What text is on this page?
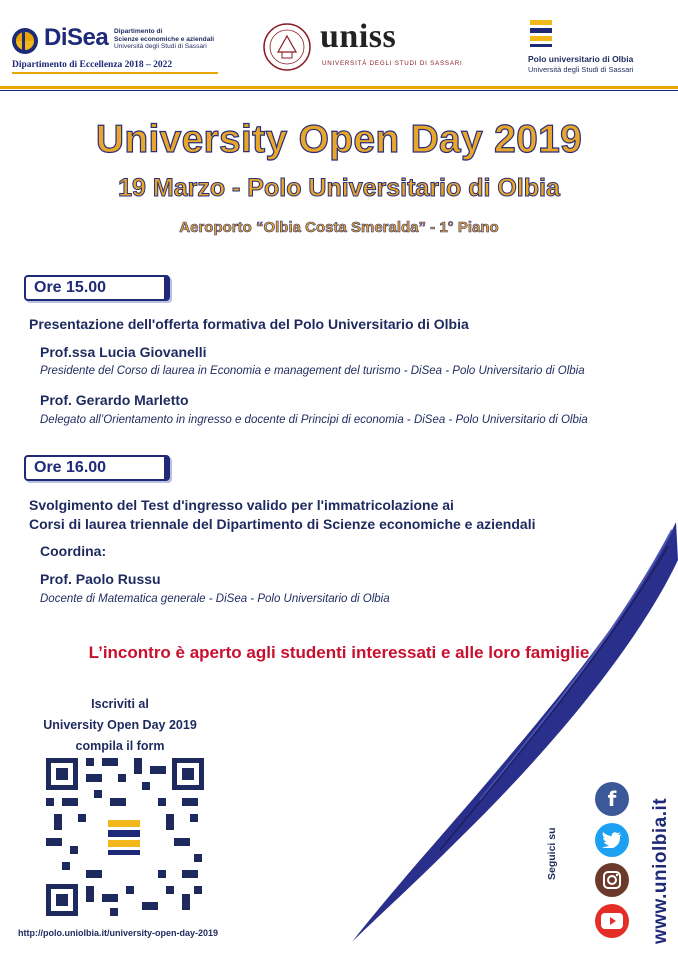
DiSea Dipartimento di
Scienze economiche e aziendali
Università degli Studi di Sassari
Dipartimento di Eccellenza 2018 – 2022
uniss
UNIVERSITÀ DEGLI STUDI DI SASSARI	Polo universitario di Olbia
Università degli Studi di Sassari
University Open Day 2019
19 Marzo - Polo Universitario di Olbia
Aeroporto “Olbia Costa Smeralda” - 1° Piano
Ore 15.00
Presentazione dell'offerta formativa del Polo Universitario di Olbia
Prof.ssa Lucia Giovanelli
Presidente del Corso di laurea in Economia e management del turismo - DiSea - Polo Universitario di Olbia
Prof. Gerardo Marletto
Delegato all’Orientamento in ingresso e docente di Principi di economia - DiSea - Polo Universitario di Olbia
Ore 16.00
Svolgimento del Test d'ingresso valido per l'immatricolazione ai
Corsi di laurea triennale del Dipartimento di Scienze economiche e aziendali
Coordina:
Prof. Paolo Russu
Docente di Matematica generale - DiSea - Polo Universitario di Olbia
L’incontro è aperto agli studenti interessati e alle loro famiglie
Iscriviti al
University Open Day 2019
compila il form
http://polo.uniolbia.it/university-open-day-2019
Seguici su
f www.uniolbia.it
